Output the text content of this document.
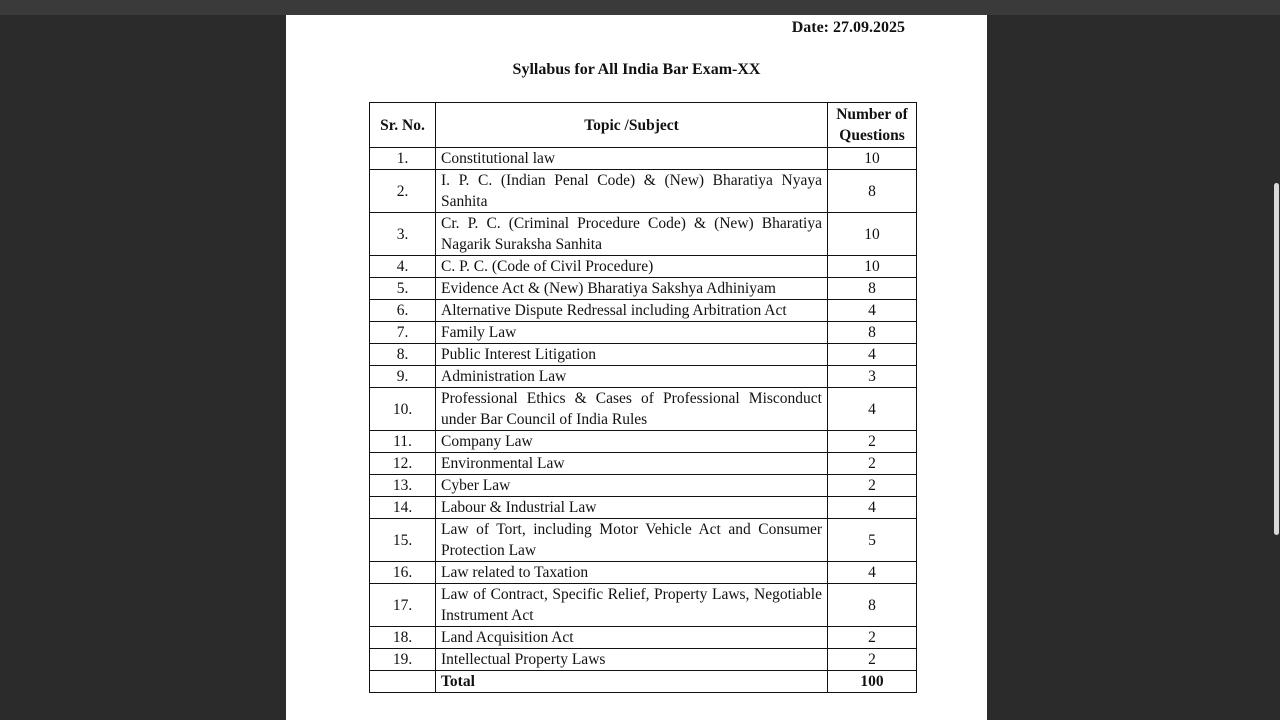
Date: 27.09.2025
Syllabus for All India Bar Exam-XX
Sr. No.	Topic /Subject	Number of
Questions
1.	Constitutional law	10
2.	I. P. C. (Indian Penal Code) & (New) Bharatiya Nyaya Sanhita	8
3.	Cr. P. C. (Criminal Procedure Code) & (New) Bharatiya Nagarik Suraksha Sanhita	10
4.	C. P. C. (Code of Civil Procedure)	10
5.	Evidence Act & (New) Bharatiya Sakshya Adhiniyam	8
6.	Alternative Dispute Redressal including Arbitration Act	4
7.	Family Law	8
8.	Public Interest Litigation	4
9.	Administration Law	3
10.	Professional Ethics & Cases of Professional Misconduct under Bar Council of India Rules	4
11.	Company Law	2
12.	Environmental Law	2
13.	Cyber Law	2
14.	Labour & Industrial Law	4
15.	Law of Tort, including Motor Vehicle Act and Consumer Protection Law	5
16.	Law related to Taxation	4
17.	Law of Contract, Specific Relief, Property Laws, Negotiable Instrument Act	8
18.	Land Acquisition Act	2
19.	Intellectual Property Laws	2
	Total	100
